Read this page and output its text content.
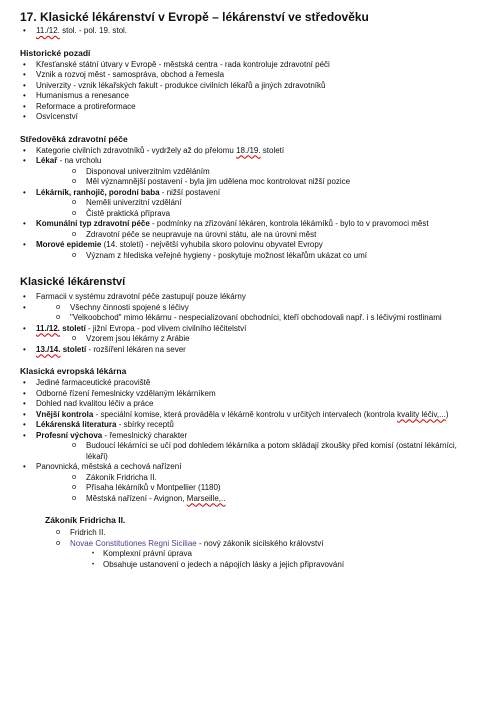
17. Klasické lékárenství v Evropě – lékárenství ve středověku
• 11./12. stol. - pol. 19. stol.
Historické pozadí
• Křesťanské státní útvary v Evropě - městská centra - rada kontroluje zdravotní péči
• Vznik a rozvoj měst - samospráva, obchod a řemesla
• Univerzity - vznik lékařských fakult - produkce civilních lékařů a jiných zdravotníků
• Humanismus a renesance
• Reformace a protireformace
• Osvícenství
Středověká zdravotní péče
• Kategorie civilních zdravotníků - vydržely až do přelomu 18./19. století
• Lékař - na vrcholu
o Disponoval univerzitním vzděláním
o Měl významnější postavení - byla jim udělena moc kontrolovat nižší pozice
• Lékárník, ranhojič, porodní baba - nižší postavení
o Neměli univerzitní vzdělání
o Čistě praktická příprava
• Komunální typ zdravotní péče - podmínky na zřizování lékáren, kontrola lékárníků - bylo to v pravomoci měst
o Zdravotní péče se neupravuje na úrovni státu, ale na úrovni měst
• Morové epidemie (14. století) - největší vyhubila skoro polovinu obyvatel Evropy
o Význam z hlediska veřejné hygieny - poskytuje možnost lékařům ukázat co umí
Klasické lékárenství
• Farmacii v systému zdravotní péče zastupují pouze lékárny
o • Všechny činnosti spojené s léčivy
o "Velkoobchod" mimo lékárnu - nespecializovaní obchodníci, kteří obchodovali např. i s léčivými rostlinami
• 11./12. století - jižní Evropa - pod vlivem civilního léčitelství
o Vzorem jsou lékárny z Arábie
• 13./14. století - rozšíření lékáren na sever
Klasická evropská lékárna
• Jediné farmaceutické pracoviště
• Odborné řízení řemeslnicky vzdělaným lékárníkem
• Dohled nad kvalitou léčiv a práce
• Vnější kontrola - speciální komise, která prováděla v lékárně kontrolu v určitých intervalech (kontrola kvality léčiv,...)
• Lékárenská literatura - sbírky receptů
• Profesní výchova - řemeslnický charakter
o Budoucí lékárníci se učí pod dohledem lékárníka a potom skládají zkoušky před komisí (ostatní lékárníci, lékaři)
• Panovnická, městská a cechová nařízení
o Zákoník Fridricha II.
o Přísaha lékárníků v Montpellier (1180)
o Městská nařízení - Avignon, Marseille,..
Zákoník Fridricha II.
o Fridrich II.
o Novae Constitutiones Regni Siciliae - nový zákoník sicilského království
• Komplexní právní úprava
• Obsahuje ustanovení o jedech a nápojích lásky a jejich připravování
